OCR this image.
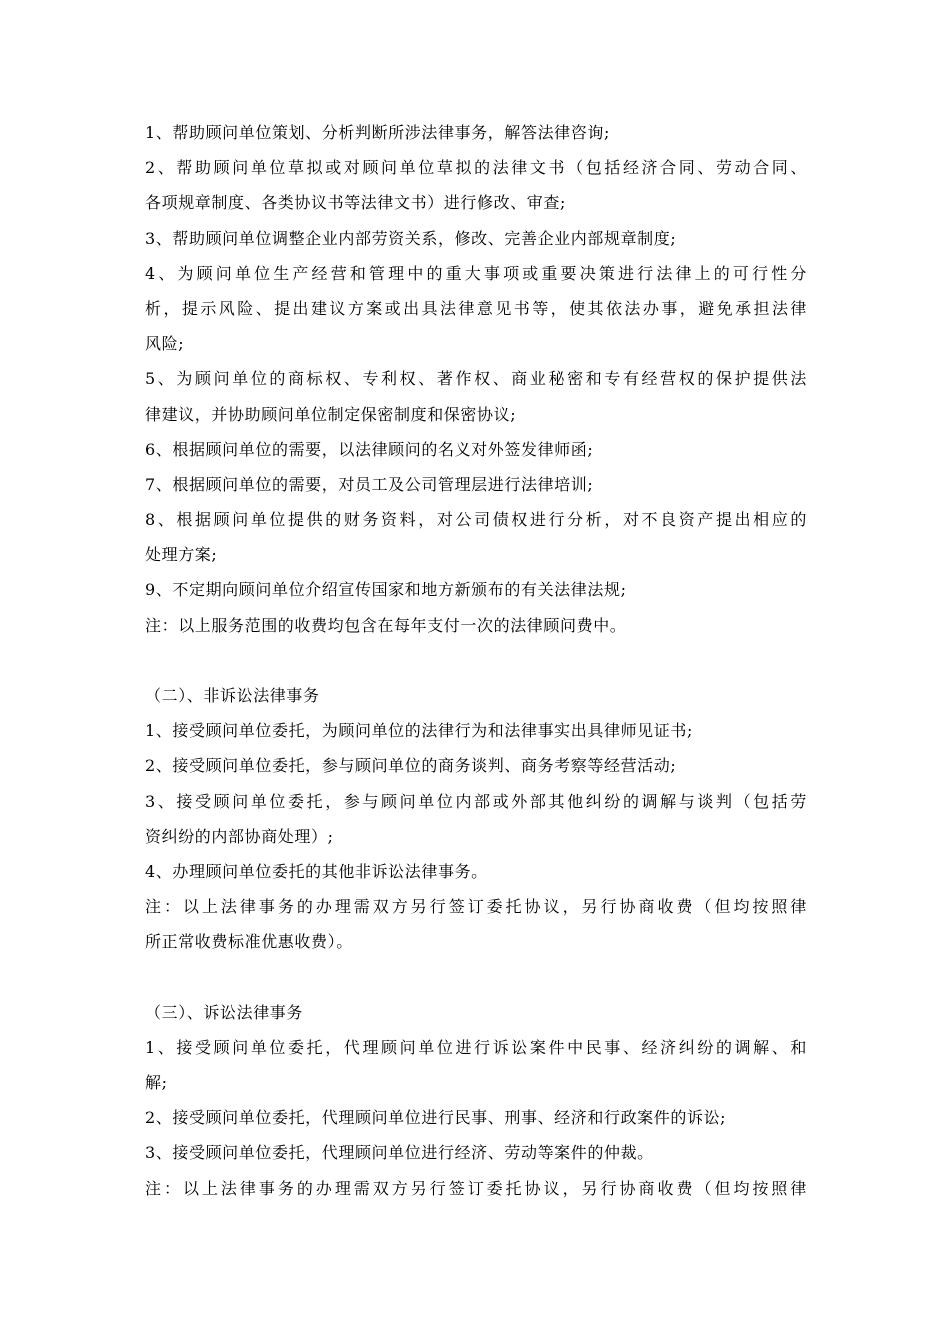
1、帮助顾问单位策划、分析判断所涉法律事务，解答法律咨询;
2、帮助顾问单位草拟或对顾问单位草拟的法律文书（包括经济合同、劳动合同、
各项规章制度、各类协议书等法律文书）进行修改、审查;
3、帮助顾问单位调整企业内部劳资关系，修改、完善企业内部规章制度;
4、为顾问单位生产经营和管理中的重大事项或重要决策进行法律上的可行性分
析，提示风险、提出建议方案或出具法律意见书等，使其依法办事，避免承担法律
风险;
5、为顾问单位的商标权、专利权、著作权、商业秘密和专有经营权的保护提供法
律建议，并协助顾问单位制定保密制度和保密协议;
6、根据顾问单位的需要，以法律顾问的名义对外签发律师函;
7、根据顾问单位的需要，对员工及公司管理层进行法律培训;
8、根据顾问单位提供的财务资料，对公司债权进行分析，对不良资产提出相应的
处理方案;
9、不定期向顾问单位介绍宣传国家和地方新颁布的有关法律法规;
注：以上服务范围的收费均包含在每年支付一次的法律顾问费中。
（二）、非诉讼法律事务
1、接受顾问单位委托，为顾问单位的法律行为和法律事实出具律师见证书;
2、接受顾问单位委托，参与顾问单位的商务谈判、商务考察等经营活动;
3、接受顾问单位委托，参与顾问单位内部或外部其他纠纷的调解与谈判（包括劳
资纠纷的内部协商处理）;
4、办理顾问单位委托的其他非诉讼法律事务。
注：以上法律事务的办理需双方另行签订委托协议，另行协商收费（但均按照律
所正常收费标准优惠收费）。
（三）、诉讼法律事务
1、接受顾问单位委托，代理顾问单位进行诉讼案件中民事、经济纠纷的调解、和
解;
2、接受顾问单位委托，代理顾问单位进行民事、刑事、经济和行政案件的诉讼;
3、接受顾问单位委托，代理顾问单位进行经济、劳动等案件的仲裁。
注：以上法律事务的办理需双方另行签订委托协议，另行协商收费（但均按照律
